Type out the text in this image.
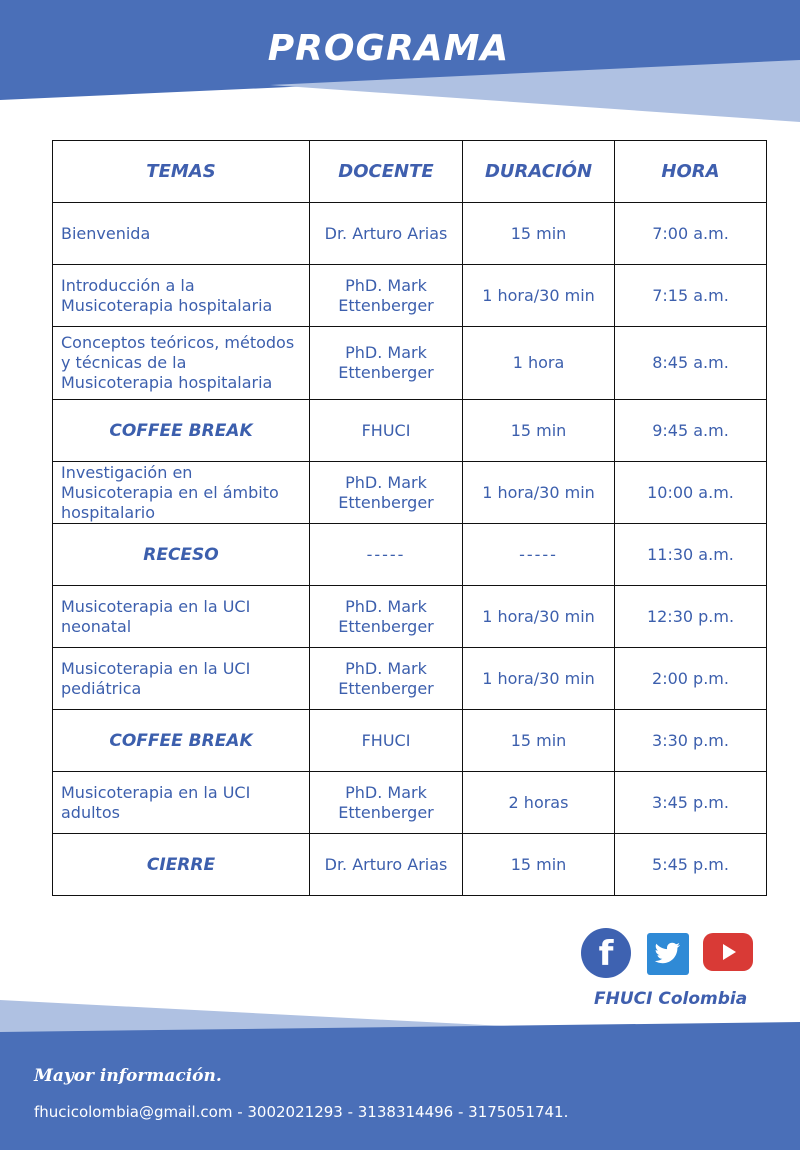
PROGRAMA
TEMAS	DOCENTE	DURACIÓN	HORA
Bienvenida	Dr. Arturo Arias	15 min	7:00 a.m.
Introducción a la Musicoterapia hospitalaria	PhD. Mark Ettenberger	1 hora/30 min	7:15 a.m.
Conceptos teóricos, métodos y técnicas de la Musicoterapia hospitalaria	PhD. Mark Ettenberger	1 hora	8:45 a.m.
COFFEE BREAK	FHUCI	15 min	9:45 a.m.
Investigación en Musicoterapia en el ámbito hospitalario	PhD. Mark Ettenberger	1 hora/30 min	10:00 a.m.
RECESO	-----	-----	11:30 a.m.
Musicoterapia en la UCI neonatal	PhD. Mark Ettenberger	1 hora/30 min	12:30 p.m.
Musicoterapia en la UCI pediátrica	PhD. Mark Ettenberger	1 hora/30 min	2:00 p.m.
COFFEE BREAK	FHUCI	15 min	3:30 p.m.
Musicoterapia en la UCI adultos	PhD. Mark Ettenberger	2 horas	3:45 p.m.
CIERRE	Dr. Arturo Arias	15 min	5:45 p.m.
f
FHUCI Colombia
Mayor información.
fhucicolombia@gmail.com - 3002021293 - 3138314496 - 3175051741.
